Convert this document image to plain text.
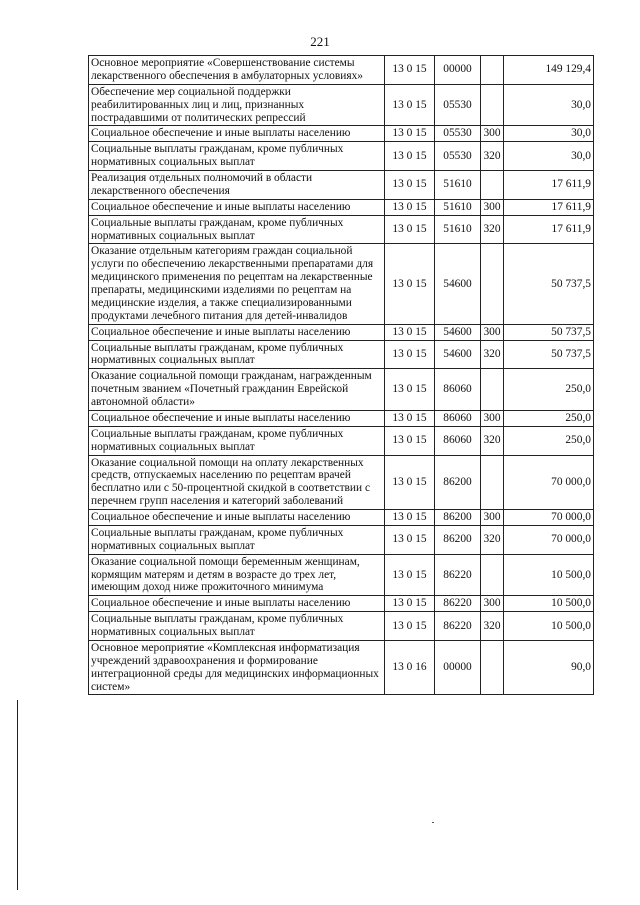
221
Основное мероприятие «Совершенствование системы лекарственного обеспечения в амбулаторных условиях»	13 0 15	00000		149 129,4
Обеспечение мер социальной поддержки реабилитированных лиц и лиц, признанных пострадавшими от политических репрессий	13 0 15	05530		30,0
Социальное обеспечение и иные выплаты населению	13 0 15	05530	300	30,0
Социальные выплаты гражданам, кроме публичных нормативных социальных выплат	13 0 15	05530	320	30,0
Реализация отдельных полномочий в области лекарственного обеспечения	13 0 15	51610		17 611,9
Социальное обеспечение и иные выплаты населению	13 0 15	51610	300	17 611,9
Социальные выплаты гражданам, кроме публичных нормативных социальных выплат	13 0 15	51610	320	17 611,9
Оказание отдельным категориям граждан социальной услуги по обеспечению лекарственными препаратами для медицинского применения по рецептам на лекарственные препараты, медицинскими изделиями по рецептам на медицинские изделия, а также специализированными продуктами лечебного питания для детей-инвалидов	13 0 15	54600		50 737,5
Социальное обеспечение и иные выплаты населению	13 0 15	54600	300	50 737,5
Социальные выплаты гражданам, кроме публичных нормативных социальных выплат	13 0 15	54600	320	50 737,5
Оказание социальной помощи гражданам, награжденным почетным званием «Почетный гражданин Еврейской автономной области»	13 0 15	86060		250,0
Социальное обеспечение и иные выплаты населению	13 0 15	86060	300	250,0
Социальные выплаты гражданам, кроме публичных нормативных социальных выплат	13 0 15	86060	320	250,0
Оказание социальной помощи на оплату лекарственных средств, отпускаемых населению по рецептам врачей бесплатно или с 50-процентной скидкой в соответствии с перечнем групп населения и категорий заболеваний	13 0 15	86200		70 000,0
Социальное обеспечение и иные выплаты населению	13 0 15	86200	300	70 000,0
Социальные выплаты гражданам, кроме публичных нормативных социальных выплат	13 0 15	86200	320	70 000,0
Оказание социальной помощи беременным женщинам, кормящим матерям и детям в возрасте до трех лет, имеющим доход ниже прожиточного минимума	13 0 15	86220		10 500,0
Социальное обеспечение и иные выплаты населению	13 0 15	86220	300	10 500,0
Социальные выплаты гражданам, кроме публичных нормативных социальных выплат	13 0 15	86220	320	10 500,0
Основное мероприятие «Комплексная информатизация учреждений здравоохранения и формирование интеграционной среды для медицинских информационных систем»	13 0 16	00000		90,0
